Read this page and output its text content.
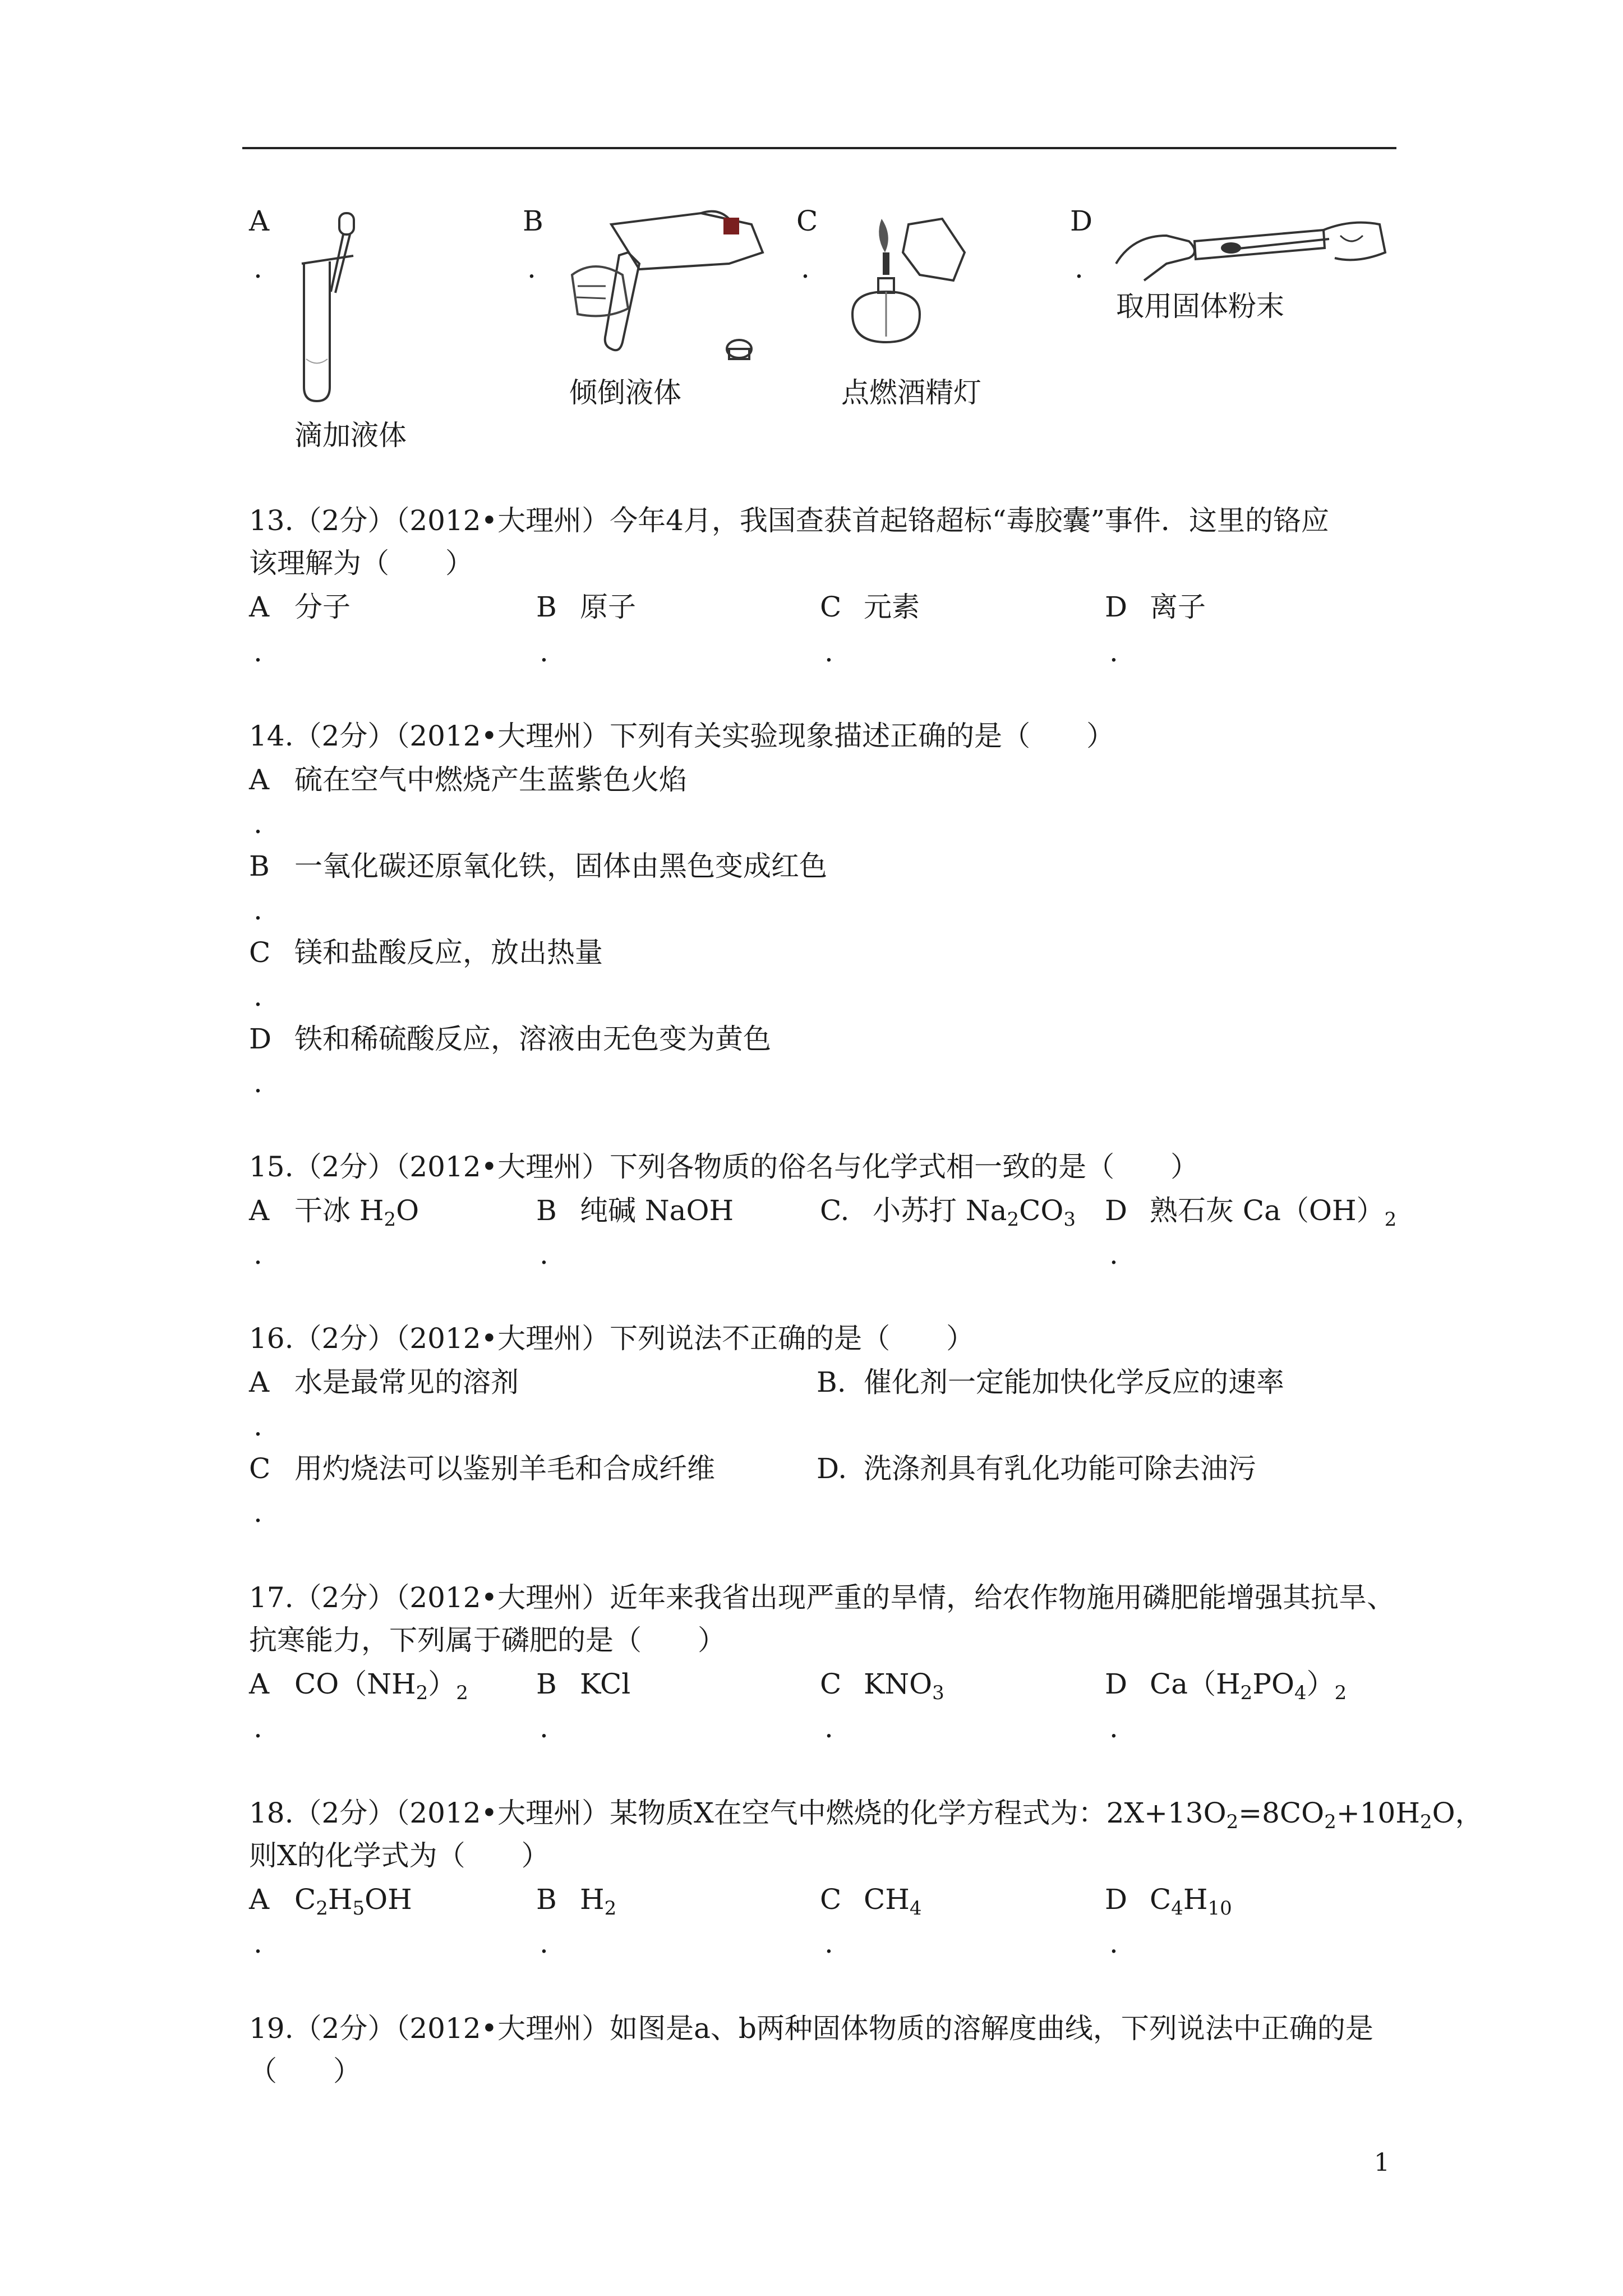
A
.
滴加液体
B
.
倾倒液体
C
.
点燃酒精灯
D
.
取用固体粉末
13.（2分）（2012•大理州）今年4月，我国查获首起铬超标“毒胶囊”事件．这里的铬应
该理解为（　　）
A 分子
.
B 原子
.
C 元素
.
D 离子
.
14.（2分）（2012•大理州）下列有关实验现象描述正确的是（　　）
A 硫在空气中燃烧产生蓝紫色火焰
.
B 一氧化碳还原氧化铁，固体由黑色变成红色
.
C 镁和盐酸反应，放出热量
.
D 铁和稀硫酸反应，溶液由无色变为黄色
.
15.（2分）（2012•大理州）下列各物质的俗名与化学式相一致的是（　　）
A 干冰 $H_2O$
.
B 纯碱 NaOH
.
C. 小苏打 $Na_2CO_3$ D 熟石灰 $Ca(OH)_2$
.
16.（2分）（2012•大理州）下列说法不正确的是（　　）
A 水是最常见的溶剂
.
B. 催化剂一定能加快化学反应的速率
C 用灼烧法可以鉴别羊毛和合成纤维
.
D. 洗涤剂具有乳化功能可除去油污
17.（2分）（2012•大理州）近年来我省出现严重的旱情，给农作物施用磷肥能增强其抗旱、
抗寒能力，下列属于磷肥的是（　　）
A $CO(NH_2)_2$
.
B KCl
.
C $KNO_3$
.
D $Ca(H_2PO_4)_2$
.
18.（2分）（2012•大理州）某物质X在空气中燃烧的化学方程式为：$2X+13O_2=8CO_2+10H_2O$，
则X的化学式为（　　）
A $C_2H_5OH$
.
B $H_2$
.
C $CH_4$
.
D $C_4H_{10}$
.
19.（2分）（2012•大理州）如图是a、b两种固体物质的溶解度曲线，下列说法中正确的是
（　　）
1
